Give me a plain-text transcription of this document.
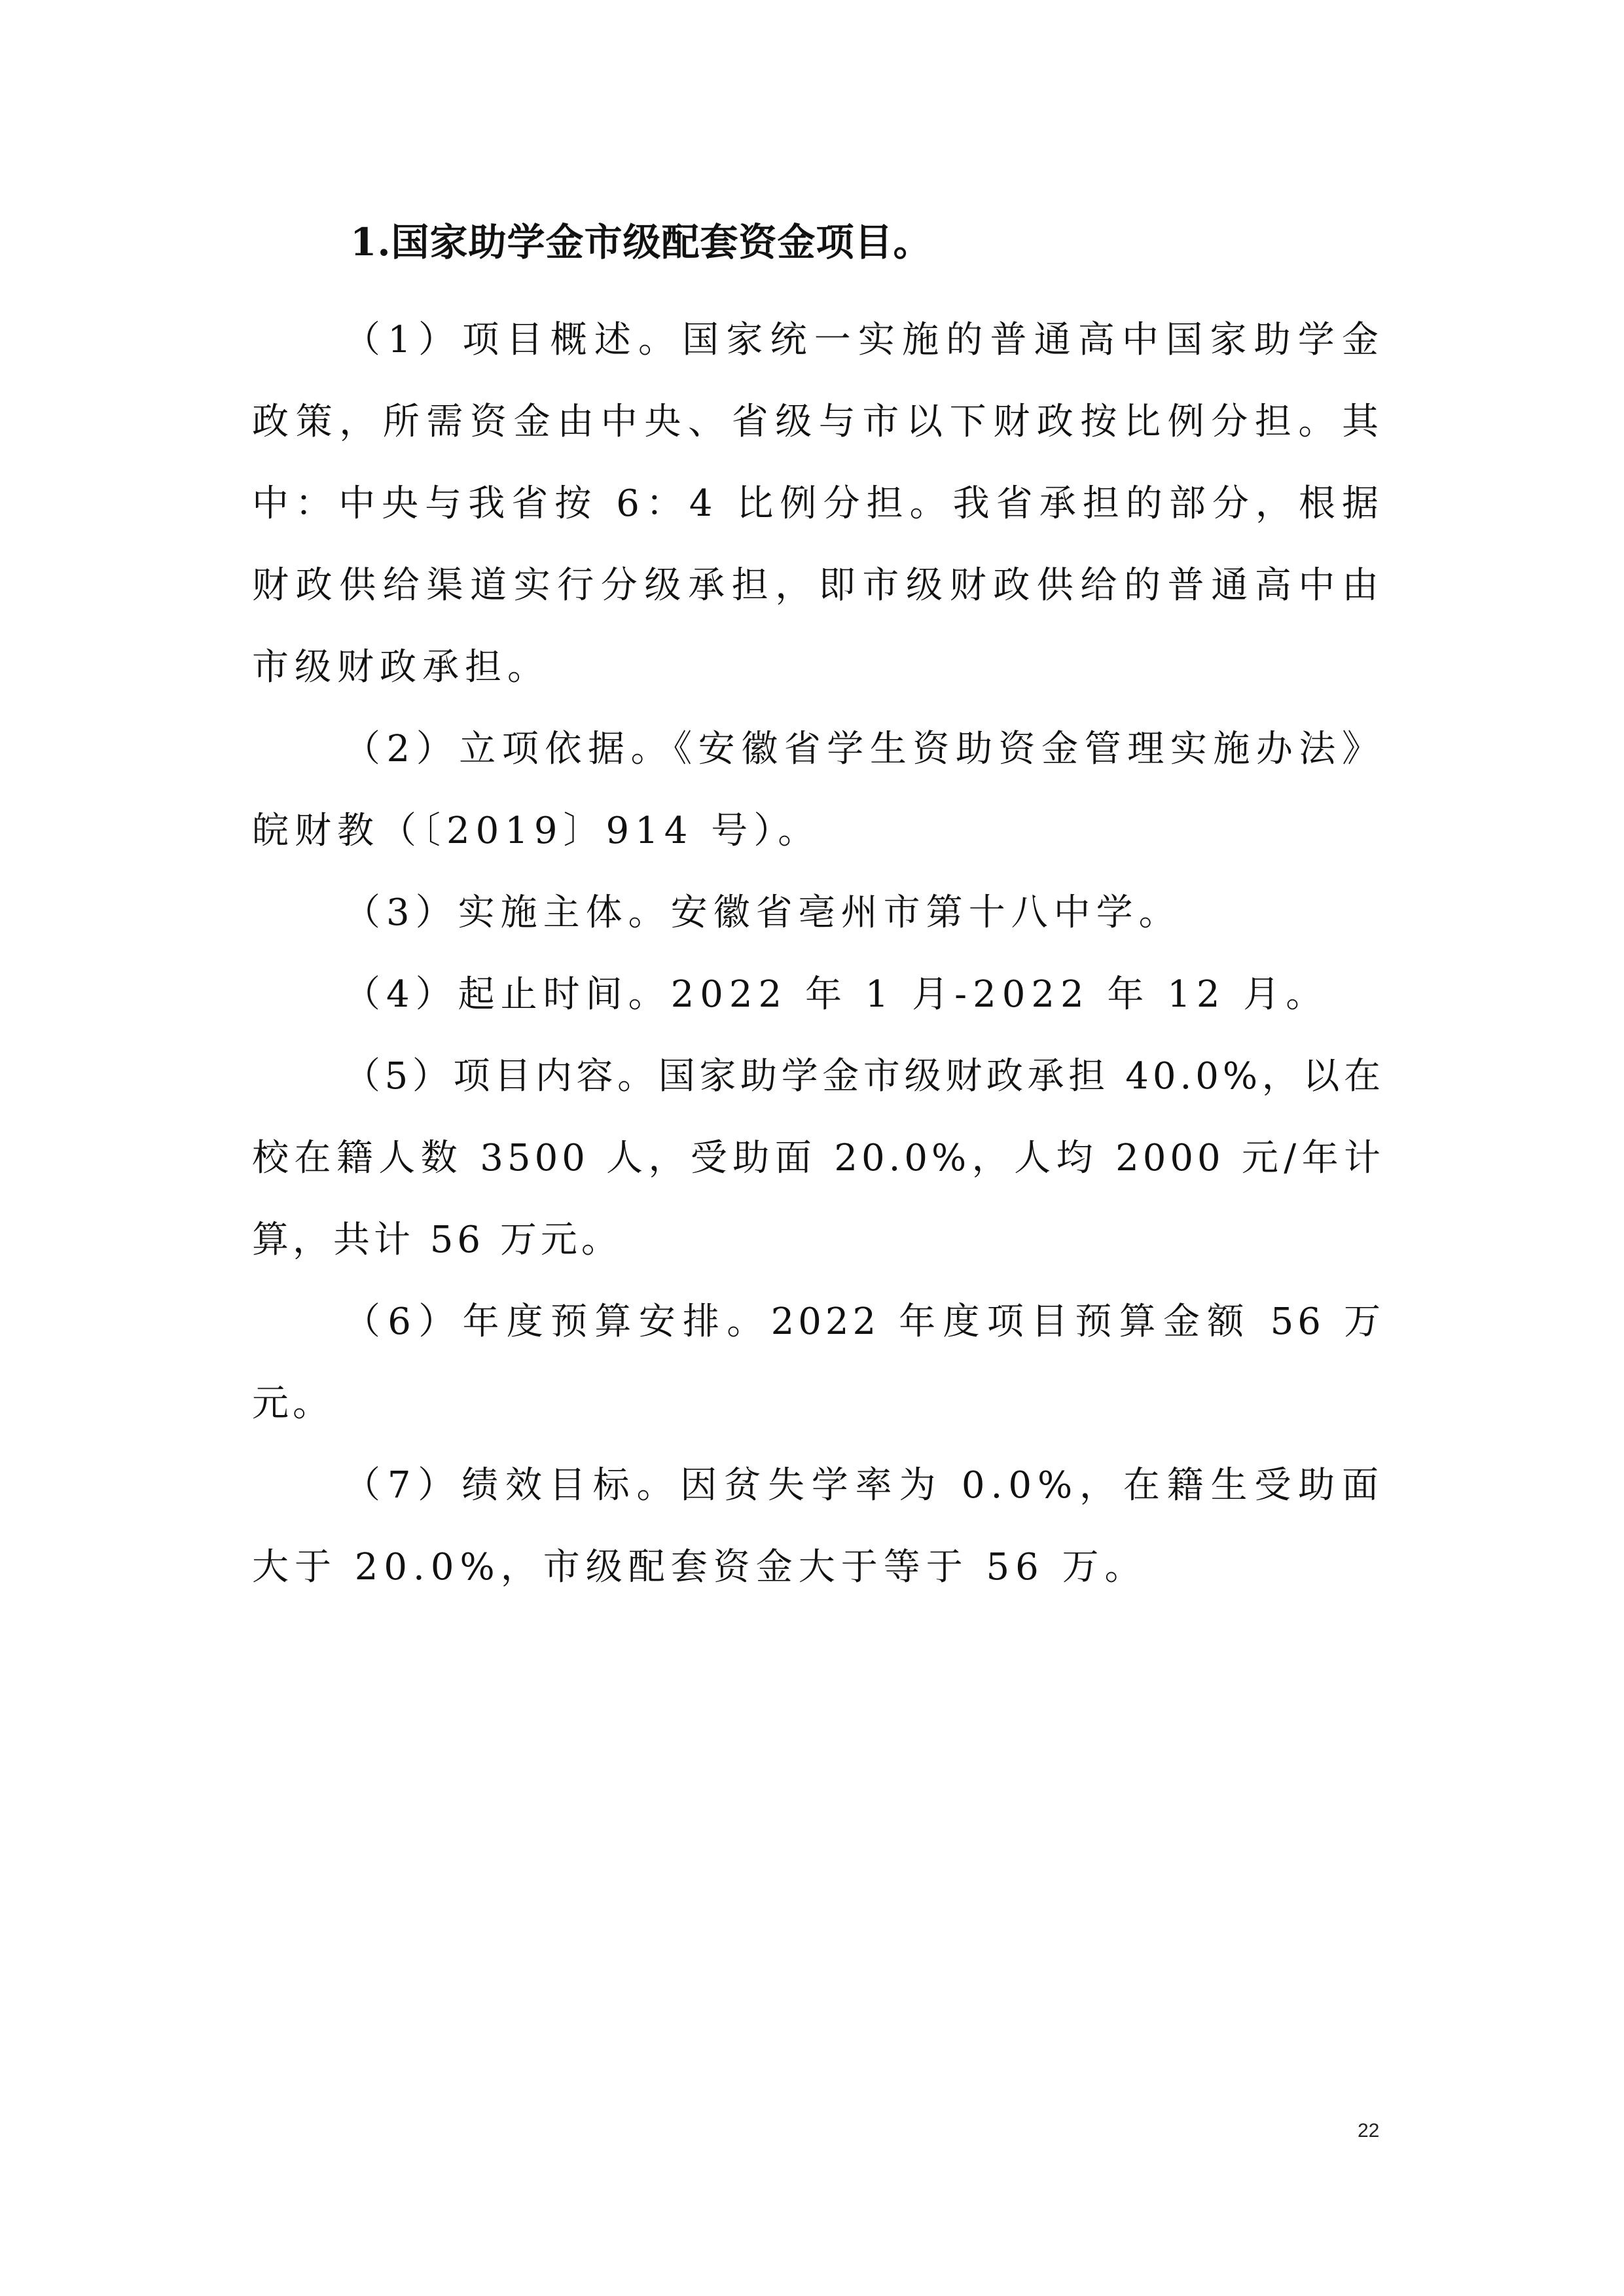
1.国家助学金市级配套资金项目。

（1）项目概述。国家统一实施的普通高中国家助学金政策，所需资金由中央、省级与市以下财政按比例分担。其中：中央与我省按 6：4 比例分担。我省承担的部分，根据财政供给渠道实行分级承担，即市级财政供给的普通高中由市级财政承担。

（2）立项依据。《安徽省学生资助资金管理实施办法》皖财教（〔2019〕914 号）。

（3）实施主体。安徽省亳州市第十八中学。

（4）起止时间。2022 年 1 月-2022 年 12 月。

（5）项目内容。国家助学金市级财政承担 40.0%，以在校在籍人数 3500 人，受助面 20.0%，人均 2000 元/年计算，共计 56 万元。

（6）年度预算安排。2022 年度项目预算金额 56 万元。

（7）绩效目标。因贫失学率为 0.0%，在籍生受助面大于 20.0%，市级配套资金大于等于 56 万。

22
